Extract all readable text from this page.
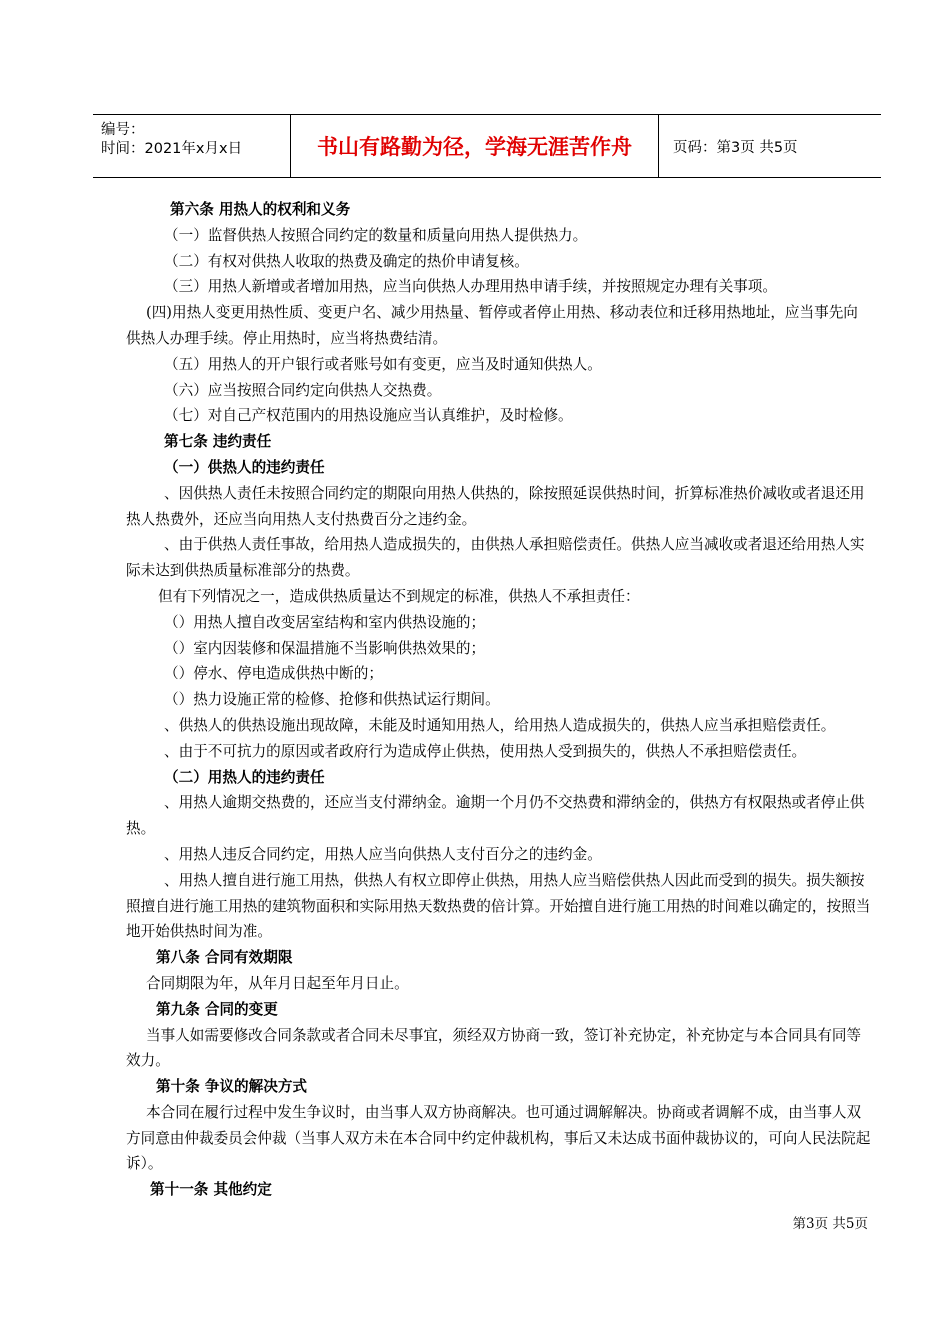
编号：
时间：2021年x月x日	书山有路勤为径，学海无涯苦作舟	页码：第3页 共5页

第六条 用热人的权利和义务

（一）监督供热人按照合同约定的数量和质量向用热人提供热力。

（二）有权对供热人收取的热费及确定的热价申请复核。

（三）用热人新增或者增加用热，应当向供热人办理用热申请手续，并按照规定办理有关事项。

(四)用热人变更用热性质、变更户名、减少用热量、暂停或者停止用热、移动表位和迁移用热地址，应当事先向供热人办理手续。停止用热时，应当将热费结清。

（五）用热人的开户银行或者账号如有变更，应当及时通知供热人。

（六）应当按照合同约定向供热人交热费。

（七）对自己产权范围内的用热设施应当认真维护，及时检修。

第七条 违约责任

（一）供热人的违约责任

、因供热人责任未按照合同约定的期限向用热人供热的，除按照延误供热时间，折算标准热价减收或者退还用热人热费外，还应当向用热人支付热费百分之违约金。

、由于供热人责任事故，给用热人造成损失的，由供热人承担赔偿责任。供热人应当减收或者退还给用热人实际未达到供热质量标准部分的热费。

但有下列情况之一，造成供热质量达不到规定的标准，供热人不承担责任：

（）用热人擅自改变居室结构和室内供热设施的；

（）室内因装修和保温措施不当影响供热效果的；

（）停水、停电造成供热中断的；

（）热力设施正常的检修、抢修和供热试运行期间。

、供热人的供热设施出现故障，未能及时通知用热人，给用热人造成损失的，供热人应当承担赔偿责任。

、由于不可抗力的原因或者政府行为造成停止供热，使用热人受到损失的，供热人不承担赔偿责任。

（二）用热人的违约责任

、用热人逾期交热费的，还应当支付滞纳金。逾期一个月仍不交热费和滞纳金的，供热方有权限热或者停止供热。

、用热人违反合同约定，用热人应当向供热人支付百分之的违约金。

、用热人擅自进行施工用热，供热人有权立即停止供热，用热人应当赔偿供热人因此而受到的损失。损失额按照擅自进行施工用热的建筑物面积和实际用热天数热费的倍计算。开始擅自进行施工用热的时间难以确定的，按照当地开始供热时间为准。

第八条 合同有效期限

合同期限为年，从年月日起至年月日止。

第九条 合同的变更

当事人如需要修改合同条款或者合同未尽事宜，须经双方协商一致，签订补充协定，补充协定与本合同具有同等效力。

第十条 争议的解决方式

本合同在履行过程中发生争议时，由当事人双方协商解决。也可通过调解解决。协商或者调解不成，由当事人双方同意由仲裁委员会仲裁（当事人双方未在本合同中约定仲裁机构，事后又未达成书面仲裁协议的，可向人民法院起诉）。

第十一条 其他约定

第3页 共5页
